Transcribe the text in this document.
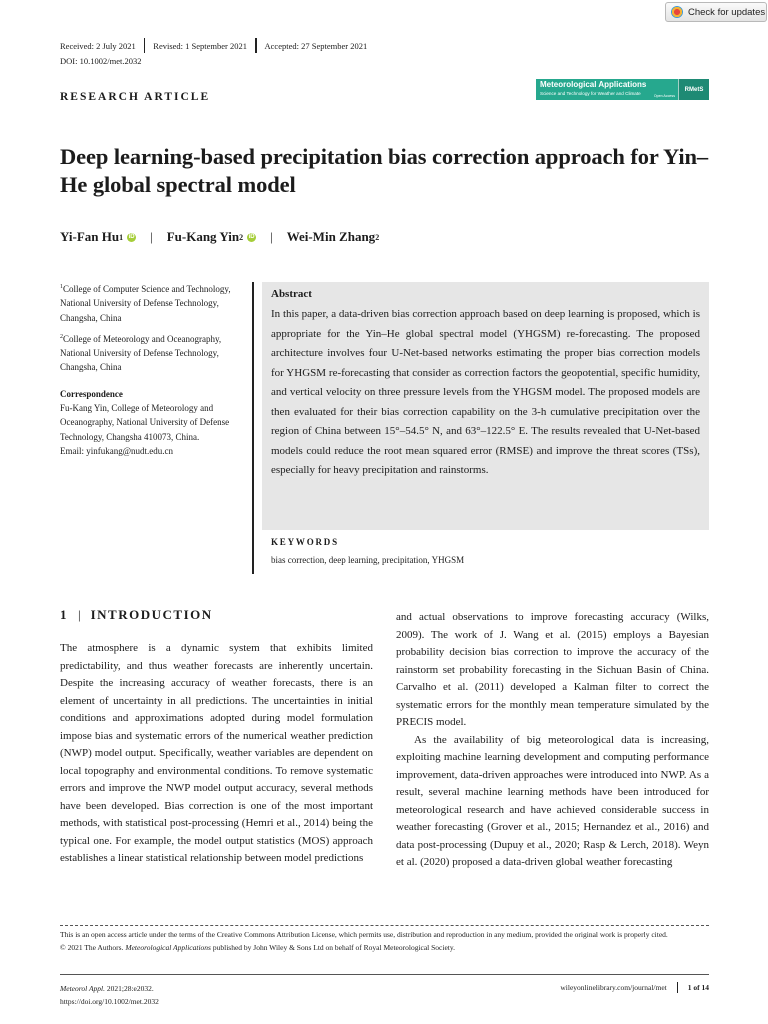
Check for updates
Received: 2 July 2021 Revised: 1 September 2021 Accepted: 27 September 2021
DOI: 10.1002/met.2032
Meteorological Applications
Science and Technology for Weather and Climate	Open Access
RMetS
RESEARCH ARTICLE
Deep learning-based precipitation bias correction approach for Yin–He global spectral model
Yi-Fan Hu 1 iD | Fu-Kang Yin 2 iD | Wei-Min Zhang 2

$^1$College of Computer Science and Technology, National University of Defense Technology, Changsha, China

$^2$College of Meteorology and Oceanography, National University of Defense Technology, Changsha, China

Correspondence

Fu-Kang Yin, College of Meteorology and Oceanography, National University of Defense Technology, Changsha 410073, China.

Email: yinfukang@nudt.edu.cn

Abstract
In this paper, a data-driven bias correction approach based on deep learning is proposed, which is appropriate for the Yin–He global spectral model (YHGSM) re-forecasting. The proposed architecture involves four U-Net-based networks estimating the proper bias correction models for YHGSM re-forecasting that consider as correction factors the geopotential, specific humidity, and vertical velocity on three pressure levels from the YHGSM model. The proposed models are then evaluated for their bias correction capability on the 3-h cumulative precipitation over the region of China between 15°–54.5° N, and 63°–122.5° E. The results revealed that U-Net-based models could reduce the root mean squared error (RMSE) and improve the threat scores (TSs), especially for heavy precipitation and rainstorms.
KEYWORDS
bias correction, deep learning, precipitation, YHGSM
1 | INTRODUCTION

The atmosphere is a dynamic system that exhibits limited predictability, and thus weather forecasts are inherently uncertain. Despite the increasing accuracy of weather forecasts, there is an element of uncertainty in all predictions. The uncertainties in initial conditions and approximations adopted during model formulation impose bias and systematic errors of the numerical weather prediction (NWP) model output. Specifically, weather variables are dependent on local topography and environmental conditions. To remove systematic errors and improve the NWP model output accuracy, several methods have been developed. Bias correction is one of the most important methods, with statistical post-processing (Hemri et al., 2014) being the typical one. For example, the model output statistics (MOS) approach establishes a linear statistical relationship between model predictions

and actual observations to improve forecasting accuracy (Wilks, 2009). The work of J. Wang et al. (2015) employs a Bayesian probability decision bias correction to improve the accuracy of the rainstorm set probability forecasting in the Sichuan Basin of China. Carvalho et al. (2011) developed a Kalman filter to correct the systematic errors for the monthly mean temperature simulated by the PRECIS model.

As the availability of big meteorological data is increasing, exploiting machine learning development and computing performance improvement, data-driven approaches were introduced into NWP. As a result, several machine learning methods have been introduced for meteorological research and have achieved considerable success in weather forecasting (Grover et al., 2015; Hernandez et al., 2016) and data post-processing (Dupuy et al., 2020; Rasp & Lerch, 2018). Weyn et al. (2020) proposed a data-driven global weather forecasting

This is an open access article under the terms of the Creative Commons Attribution License, which permits use, distribution and reproduction in any medium, provided the original work is properly cited.

© 2021 The Authors. Meteorological Applications published by John Wiley & Sons Ltd on behalf of Royal Meteorological Society.

Meteorol Appl. 2021;28:e2032.
https://doi.org/10.1002/met.2032
wileyonlinelibrary.com/journal/met	1 of 14
